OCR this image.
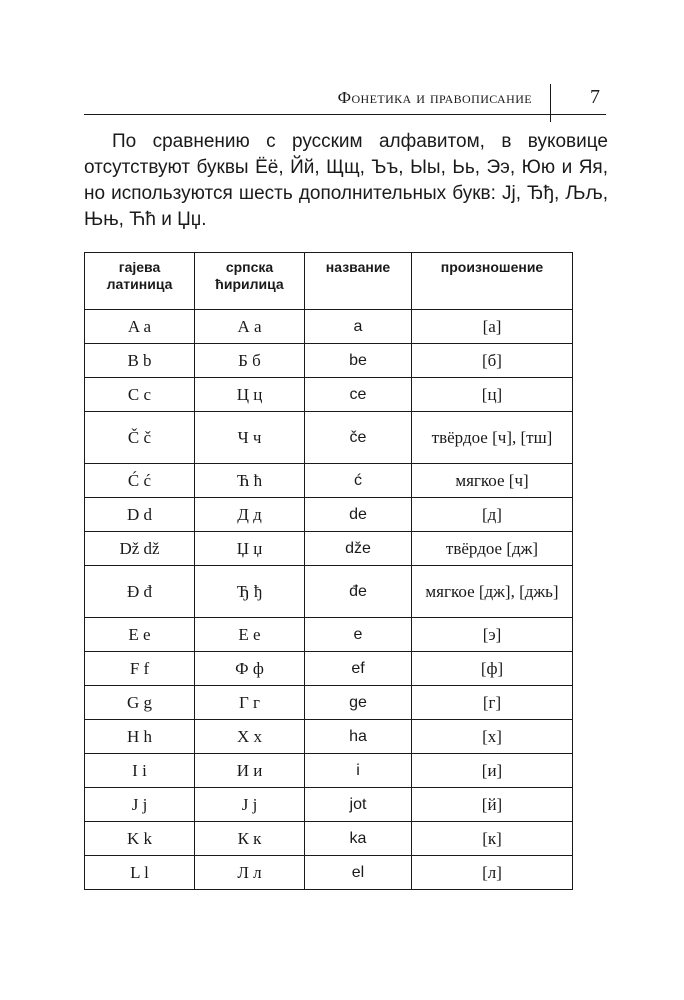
Фонетика и правописание	7

По сравнению с русским алфавитом, в вуковице отсутствуют буквы Ёё, Йй, Щщ, Ъъ, Ыы, Ьь, Ээ, Юю и Яя, но используются шесть дополнительных букв: Jj, Ђђ, Љљ, Њњ, Ћћ и Џџ.

гајева латиница	српска ћирилица	название	произношение
A a	А а	a	[а]
B b	Б б	be	[б]
C c	Ц ц	ce	[ц]
Č č	Ч ч	če	твёрдое [ч], [тш]
Ć ć	Ћ ћ	ć	мягкое [ч]
D d	Д д	de	[д]
Dž dž	Џ џ	dže	твёрдое [дж]
Đ đ	Ђ ђ	đe	мягкое [дж], [джь]
E e	Е е	e	[э]
F f	Ф ф	ef	[ф]
G g	Г г	ge	[г]
H h	Х х	ha	[х]
I i	И и	i	[и]
J j	J j	jot	[й]
K k	К к	ka	[к]
L l	Л л	el	[л]
